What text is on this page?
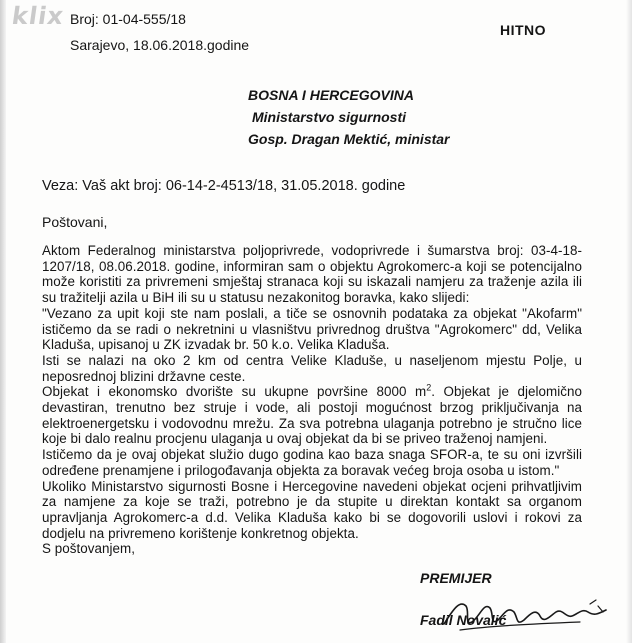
klix Broj: 01-04-555/18
Sarajevo, 18.06.2018.godine
HITNO
BOSNA I HERCEGOVINA
Ministarstvo sigurnosti
Gosp. Dragan Mektić, ministar
Veza: Vaš akt broj: 06-14-2-4513/18, 31.05.2018. godine
Poštovani,

Aktom Federalnog ministarstva poljoprivrede, vodoprivrede i šumarstva broj: 03-4-18-1207/18, 08.06.2018. godine, informiran sam o objektu Agrokomerc-a koji se potencijalno može koristiti za privremeni smještaj stranaca koji su iskazali namjeru za traženje azila ili su tražitelji azila u BiH ili su u statusu nezakonitog boravka, kako slijedi:

"Vezano za upit koji ste nam poslali, a tiče se osnovnih podataka za objekat "Akofarm" ističemo da se radi o nekretnini u vlasništvu privrednog društva "Agrokomerc" dd, Velika Kladuša, upisanoj u ZK izvadak br. 50 k.o. Velika Kladuša.

Isti se nalazi na oko 2 km od centra Velike Kladuše, u naseljenom mjestu Polje, u neposrednoj blizini državne ceste.

Objekat i ekonomsko dvorište su ukupne površine 8000 $m^2$. Objekat je djelomično devastiran, trenutno bez struje i vode, ali postoji mogućnost brzog priključivanja na elektroenergetsku i vodovodnu mrežu. Za sva potrebna ulaganja potrebno je stručno lice koje bi dalo realnu procjenu ulaganja u ovaj objekat da bi se priveo traženoj namjeni.

Ističemo da je ovaj objekat služio dugo godina kao baza snaga SFOR-a, te su oni izvršili određene prenamjene i prilogođavanja objekta za boravak većeg broja osoba u istom."

Ukoliko Ministarstvo sigurnosti Bosne i Hercegovine navedeni objekat ocjeni prihvatljivim za namjene za koje se traži, potrebno je da stupite u direktan kontakt sa organom upravljanja Agrokomerc-a d.d. Velika Kladuša kako bi se dogovorili uslovi i rokovi za dodjelu na privremeno korištenje konkretnog objekta.

S poštovanjem,

PREMIJER
Fadil Novalić
